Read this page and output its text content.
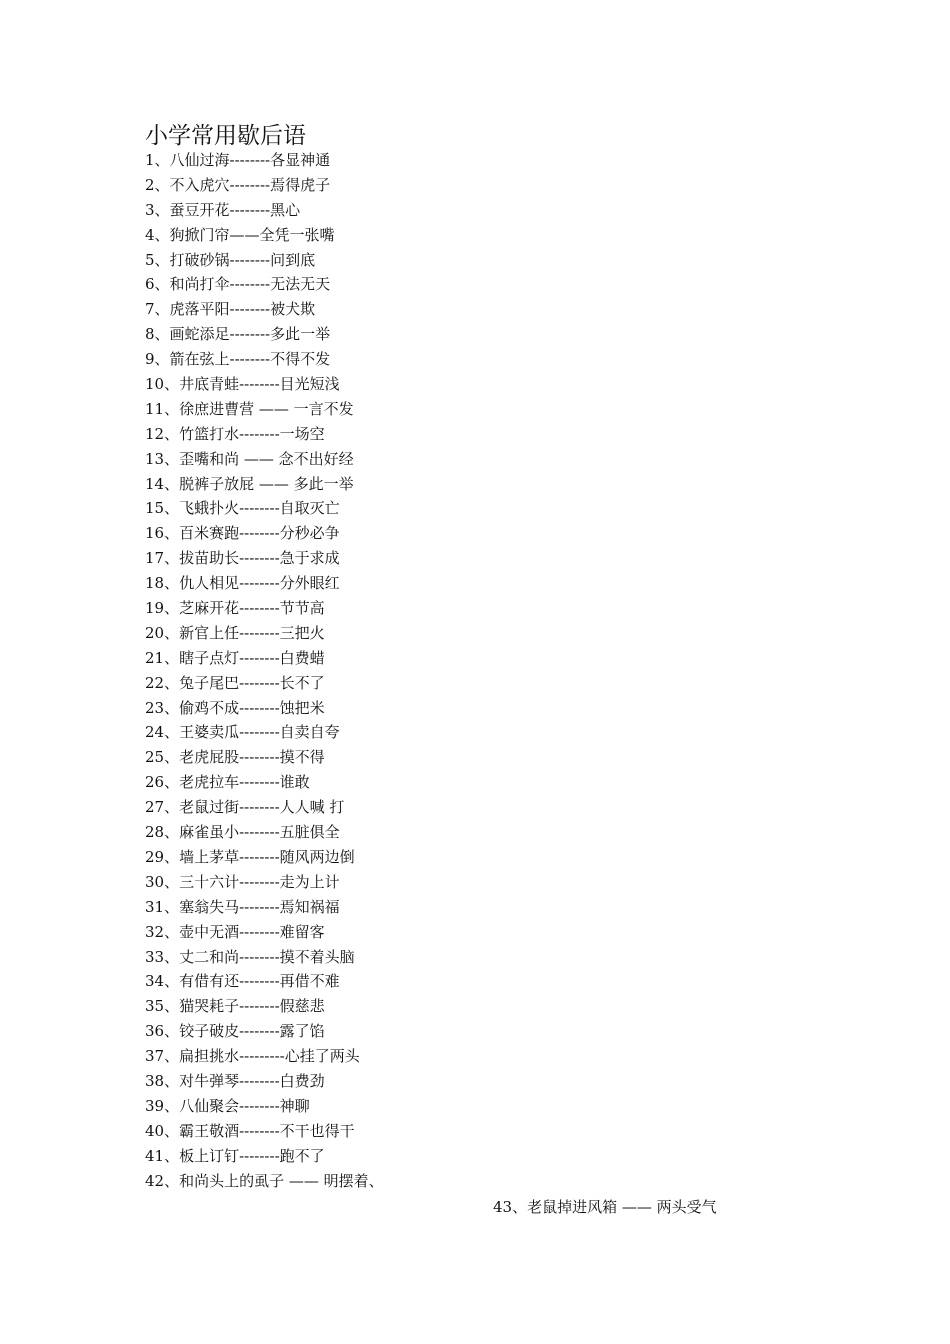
小学常用歇后语
1、八仙过海--------各显神通
2、不入虎穴--------焉得虎子
3、蚕豆开花--------黑心
4、狗掀门帘——全凭一张嘴
5、打破砂锅--------问到底
6、和尚打伞--------无法无天
7、虎落平阳--------被犬欺
8、画蛇添足--------多此一举
9、箭在弦上--------不得不发
10、井底青蛙--------目光短浅
11、徐庶进曹营 —— 一言不发
12、竹篮打水--------一场空
13、歪嘴和尚 —— 念不出好经
14、脱裤子放屁 —— 多此一举
15、飞蛾扑火--------自取灭亡
16、百米赛跑--------分秒必争
17、拔苗助长--------急于求成
18、仇人相见--------分外眼红
19、芝麻开花--------节节高
20、新官上任--------三把火
21、瞎子点灯--------白费蜡
22、兔子尾巴--------长不了
23、偷鸡不成--------蚀把米
24、王婆卖瓜--------自卖自夸
25、老虎屁股--------摸不得
26、老虎拉车--------谁敢
27、老鼠过街--------人人喊 打
28、麻雀虽小--------五脏俱全
29、墙上茅草--------随风两边倒
30、三十六计--------走为上计
31、塞翁失马--------焉知祸福
32、壶中无酒--------难留客
33、丈二和尚--------摸不着头脑
34、有借有还--------再借不难
35、猫哭耗子--------假慈悲
36、铰子破皮--------露了馅
37、扁担挑水---------心挂了两头
38、对牛弹琴--------白费劲
39、八仙聚会--------神聊
40、霸王敬酒--------不干也得干
41、板上订钉--------跑不了
42、和尚头上的虱子 —— 明摆着、
43、老鼠掉进风箱 —— 两头受气
